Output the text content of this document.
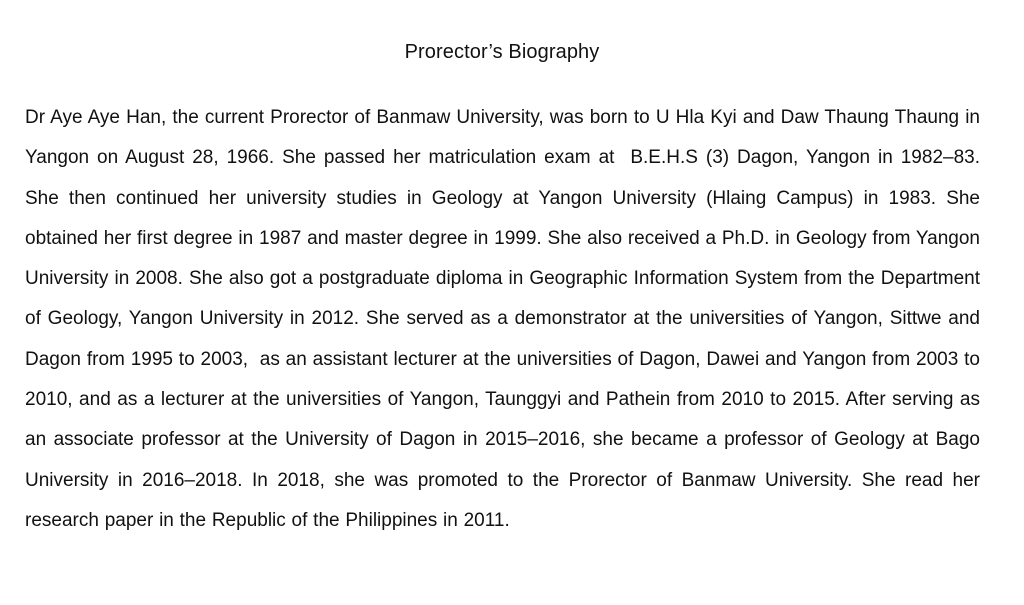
Prorector’s Biography

Dr Aye Aye Han, the current Prorector of Banmaw University, was born to U Hla Kyi and Daw Thaung Thaung in Yangon on August 28, 1966. She passed her matriculation exam at  B.E.H.S (3) Dagon, Yangon in 1982–83. She then continued her university studies in Geology at Yangon University (Hlaing Campus) in 1983. She obtained her first degree in 1987 and master degree in 1999. She also received a Ph.D. in Geology from Yangon University in 2008. She also got a postgraduate diploma in Geographic Information System from the Department of Geology, Yangon University in 2012. She served as a demonstrator at the universities of Yangon, Sittwe and Dagon from 1995 to 2003,  as an assistant lecturer at the universities of Dagon, Dawei and Yangon from 2003 to 2010, and as a lecturer at the universities of Yangon, Taunggyi and Pathein from 2010 to 2015. After serving as an associate professor at the University of Dagon in 2015–2016, she became a professor of Geology at Bago University in 2016–2018. In 2018, she was promoted to the Prorector of Banmaw University. She read her research paper in the Republic of the Philippines in 2011.
